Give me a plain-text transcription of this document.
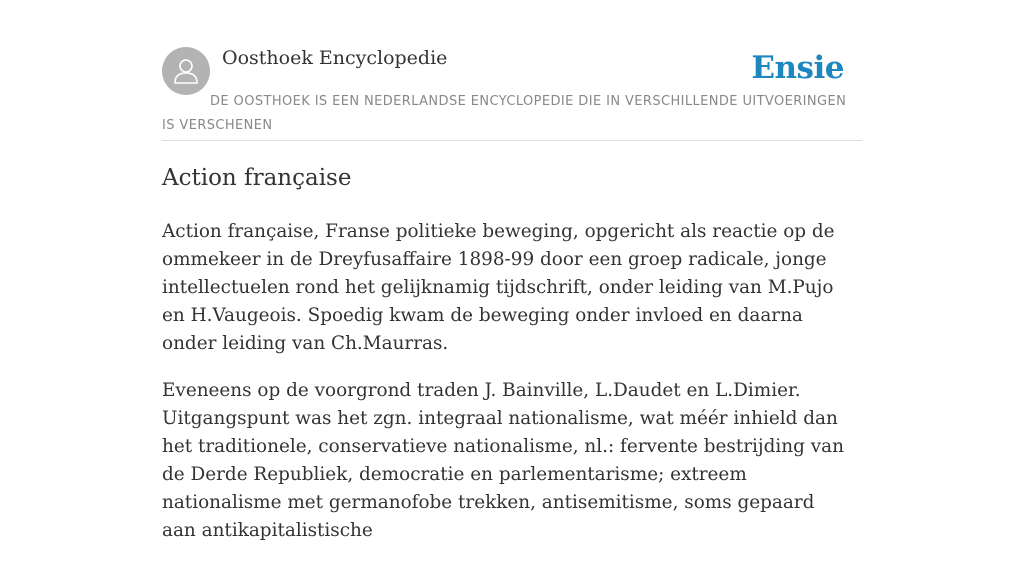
Oosthoek Encyclopedie	Ensie
DE OOSTHOEK IS EEN NEDERLANDSE ENCYCLOPEDIE DIE IN VERSCHILLENDE UITVOERINGEN IS VERSCHENEN
Action française

Action française, Franse politieke beweging, opgericht als reactie op de ommekeer in de Dreyfusaffaire 1898-99 door een groep radicale, jonge intellectuelen rond het gelijknamig tijdschrift, onder leiding van M.Pujo en H.Vaugeois. Spoedig kwam de beweging onder invloed en daarna onder leiding van Ch.Maurras.

Eveneens op de voorgrond traden J. Bainville, L.Daudet en L.Dimier. Uitgangspunt was het zgn. integraal nationalisme, wat méér inhield dan het traditionele, conservatieve nationalisme, nl.: fervente bestrijding van de Derde Republiek, democratie en parlementarisme; extreem nationalisme met germanofobe trekken, antisemitisme, soms gepaard aan antikapitalistische
